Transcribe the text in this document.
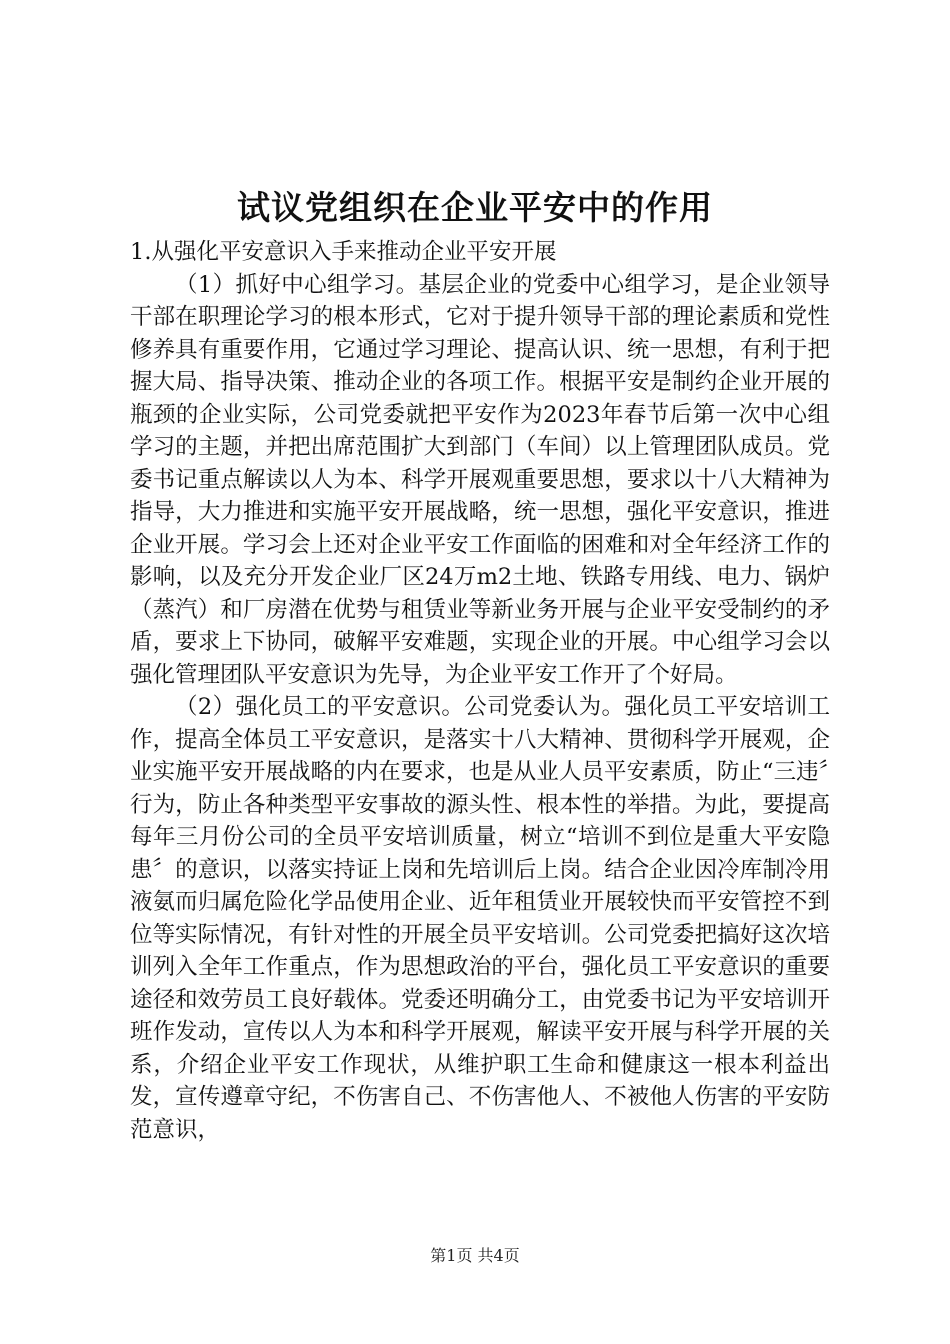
试议党组织在企业平安中的作用

1.从强化平安意识入手来推动企业平安开展

（1）抓好中心组学习。基层企业的党委中心组学习，是企业领导干部在职理论学习的根本形式，它对于提升领导干部的理论素质和党性修养具有重要作用，它通过学习理论、提高认识、统一思想，有利于把握大局、指导决策、推动企业的各项工作。根据平安是制约企业开展的瓶颈的企业实际，公司党委就把平安作为2023年春节后第一次中心组学习的主题，并把出席范围扩大到部门（车间）以上管理团队成员。党委书记重点解读以人为本、科学开展观重要思想，要求以十八大精神为指导，大力推进和实施平安开展战略，统一思想，强化平安意识，推进企业开展。学习会上还对企业平安工作面临的困难和对全年经济工作的影响，以及充分开发企业厂区24万m2土地、铁路专用线、电力、锅炉（蒸汽）和厂房潜在优势与租赁业等新业务开展与企业平安受制约的矛盾，要求上下协同，破解平安难题，实现企业的开展。中心组学习会以强化管理团队平安意识为先导，为企业平安工作开了个好局。

（2）强化员工的平安意识。公司党委认为。强化员工平安培训工作，提高全体员工平安意识，是落实十八大精神、贯彻科学开展观，企业实施平安开展战略的内在要求，也是从业人员平安素质，防止“三违〞行为，防止各种类型平安事故的源头性、根本性的举措。为此，要提高每年三月份公司的全员平安培训质量，树立“培训不到位是重大平安隐患〞的意识，以落实持证上岗和先培训后上岗。结合企业因冷库制冷用液氨而归属危险化学品使用企业、近年租赁业开展较快而平安管控不到位等实际情况，有针对性的开展全员平安培训。公司党委把搞好这次培训列入全年工作重点，作为思想政治的平台，强化员工平安意识的重要途径和效劳员工良好载体。党委还明确分工，由党委书记为平安培训开班作发动，宣传以人为本和科学开展观，解读平安开展与科学开展的关系，介绍企业平安工作现状，从维护职工生命和健康这一根本利益出发，宣传遵章守纪，不伤害自己、不伤害他人、不被他人伤害的平安防范意识，

第1页 共4页
